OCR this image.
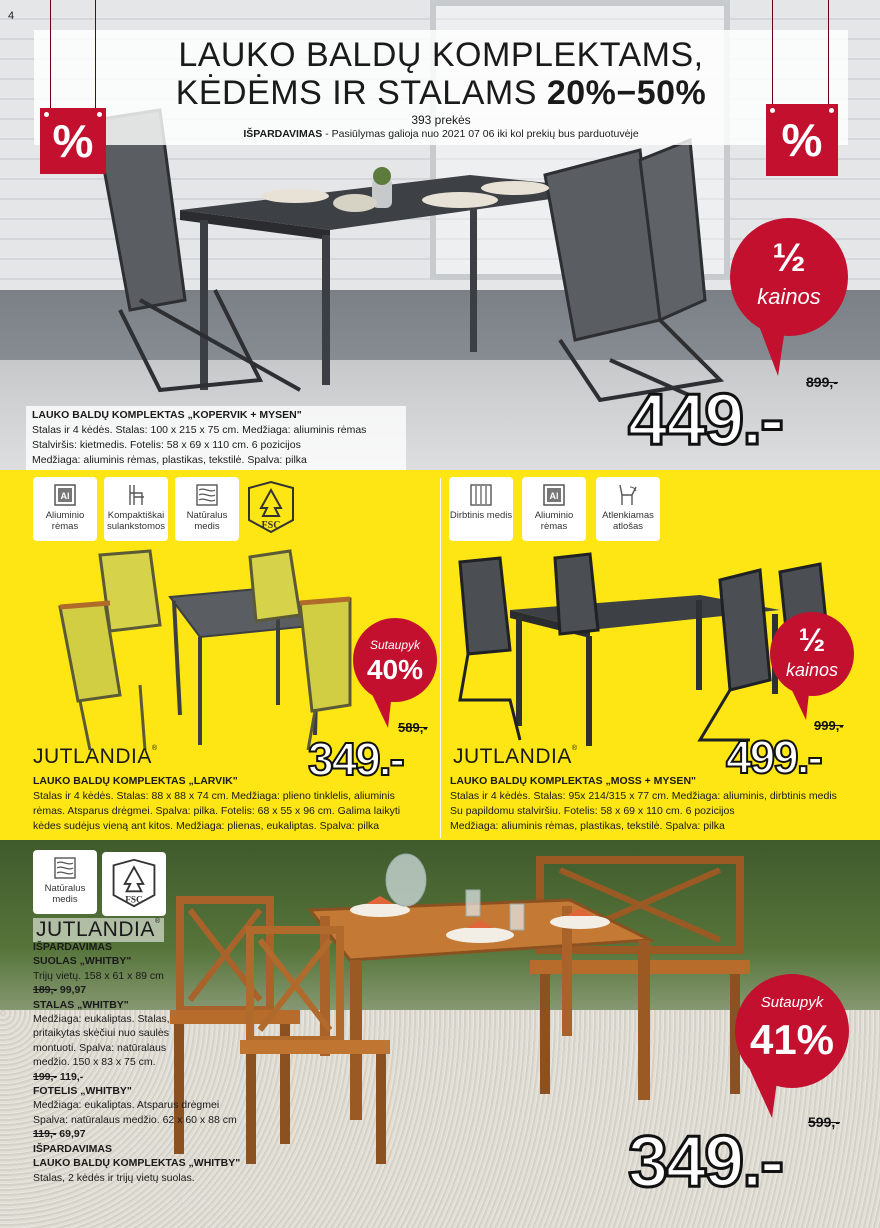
4
LAUKO BALDŲ KOMPLEKTAMS,
KĖDĖMS IR STALAMS 20%−50%
393 prekės
IŠPARDAVIMAS - Pasiūlymas galioja nuo 2021 07 06 iki kol prekių bus parduotuvėje
%	%
½
kainos
899,-
449.-
LAUKO BALDŲ KOMPLEKTAS „KOPERVIK + MYSEN"
Stalas ir 4 kėdės. Stalas: 100 x 215 x 75 cm. Medžiaga: aliuminis rėmas
Stalviršis: kietmedis. Fotelis: 58 x 69 x 110 cm. 6 pozicijos
Medžiaga: aliuminis rėmas, plastikas, tekstilė. Spalva: pilka
Al
Aliuminio rėmas
Kompaktiškai sulankstomos
Natūralus medis	FSC
Sutaupyk
40%
589,-
349.-
JUTLANDIA®
LAUKO BALDŲ KOMPLEKTAS „LARVIK"
Stalas ir 4 kėdės. Stalas: 88 x 88 x 74 cm. Medžiaga: plieno tinklelis, aliuminis
rėmas. Atsparus drėgmei. Spalva: pilka. Fotelis: 68 x 55 x 96 cm. Galima laikyti
kėdes sudėjus vieną ant kitos. Medžiaga: plienas, eukaliptas. Spalva: pilka
Dirbtinis medis
Al
Aliuminio rėmas
Atlenkiamas atlošas
½
kainos
999,-
499.-
JUTLANDIA®
LAUKO BALDŲ KOMPLEKTAS „MOSS + MYSEN"
Stalas ir 4 kėdės. Stalas: 95x 214/315 x 77 cm. Medžiaga: aliuminis, dirbtinis medis
Su papildomu stalviršiu. Fotelis: 58 x 69 x 110 cm. 6 pozicijos
Medžiaga: aliuminis rėmas, plastikas, tekstilė. Spalva: pilka
Natūralus medis	FSC
JUTLANDIA®
IŠPARDAVIMAS
SUOLAS „WHITBY"
Trijų vietų. 158 x 61 x 89 cm
189,- 99,97
STALAS „WHITBY"
Medžiaga: eukaliptas. Stalas,
pritaikytas skėčiui nuo saulės
montuoti. Spalva: natūralaus
medžio. 150 x 83 x 75 cm.
199,- 119,-
FOTELIS „WHITBY"
Medžiaga: eukaliptas. Atsparus drėgmei
Spalva: natūralaus medžio. 62 x 60 x 88 cm
119,- 69,97
IŠPARDAVIMAS
LAUKO BALDŲ KOMPLEKTAS „WHITBY"
Stalas, 2 kėdės ir trijų vietų suolas.
Sutaupyk
41%
599,-
349.-
